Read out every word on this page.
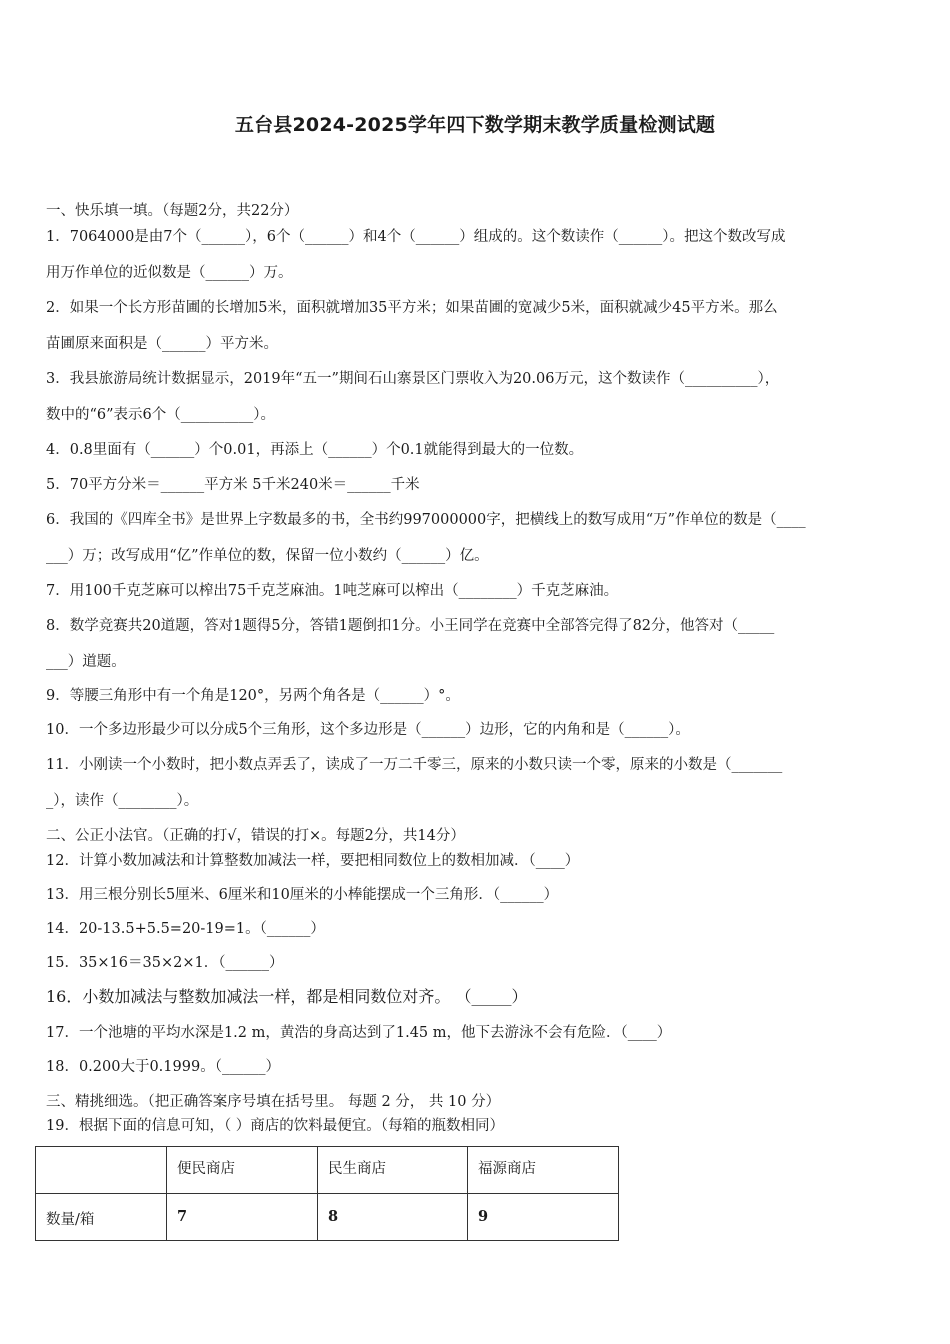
五台县2024-2025学年四下数学期末教学质量检测试题
一、快乐填一填。（每题2分，共22分）
1．7064000是由7个（______），6个（______）和4个（______）组成的。这个数读作（______）。把这个数改写成
用万作单位的近似数是（______）万。
2．如果一个长方形苗圃的长增加5米，面积就增加35平方米；如果苗圃的宽减少5米，面积就减少45平方米。那么
苗圃原来面积是（______）平方米。
3．我县旅游局统计数据显示，2019年“五一”期间石山寨景区门票收入为20.06万元，这个数读作（__________），
数中的“6”表示6个（__________）。
4．0.8里面有（______）个0.01，再添上（______）个0.1就能得到最大的一位数。
5．70平方分米＝______平方米 5千米240米＝______千米
6．我国的《四库全书》是世界上字数最多的书，全书约997000000字，把横线上的数写成用“万”作单位的数是（____
___）万；改写成用“亿”作单位的数，保留一位小数约（______）亿。
7．用100千克芝麻可以榨出75千克芝麻油。1吨芝麻可以榨出（________）千克芝麻油。
8．数学竞赛共20道题，答对1题得5分，答错1题倒扣1分。小王同学在竞赛中全部答完得了82分，他答对（_____
___）道题。
9．等腰三角形中有一个角是120°，另两个角各是（______）°。
10．一个多边形最少可以分成5个三角形，这个多边形是（______）边形，它的内角和是（______）。
11．小刚读一个小数时，把小数点弄丢了，读成了一万二千零三，原来的小数只读一个零，原来的小数是（_______
_），读作（________）。
二、公正小法官。（正确的打√，错误的打×。每题2分，共14分）
12．计算小数加减法和计算整数加减法一样，要把相同数位上的数相加减．（____）
13．用三根分别长5厘米、6厘米和10厘米的小棒能摆成一个三角形．（______）
14．20-13.5+5.5=20-19=1。（______）
15．35×16＝35×2×1．（______）
16．小数加减法与整数加减法一样，都是相同数位对齐。 （_____）
17．一个池塘的平均水深是1.2 m，黄浩的身高达到了1.45 m，他下去游泳不会有危险．（____）
18．0.200大于0.1999。（______）
三、精挑细选。（把正确答案序号填在括号里。 每题 2 分， 共 10 分）
19．根据下面的信息可知，（ ）商店的饮料最便宜。（每箱的瓶数相同）

	便民商店	民生商店	福源商店

数量/箱	7	8	9
